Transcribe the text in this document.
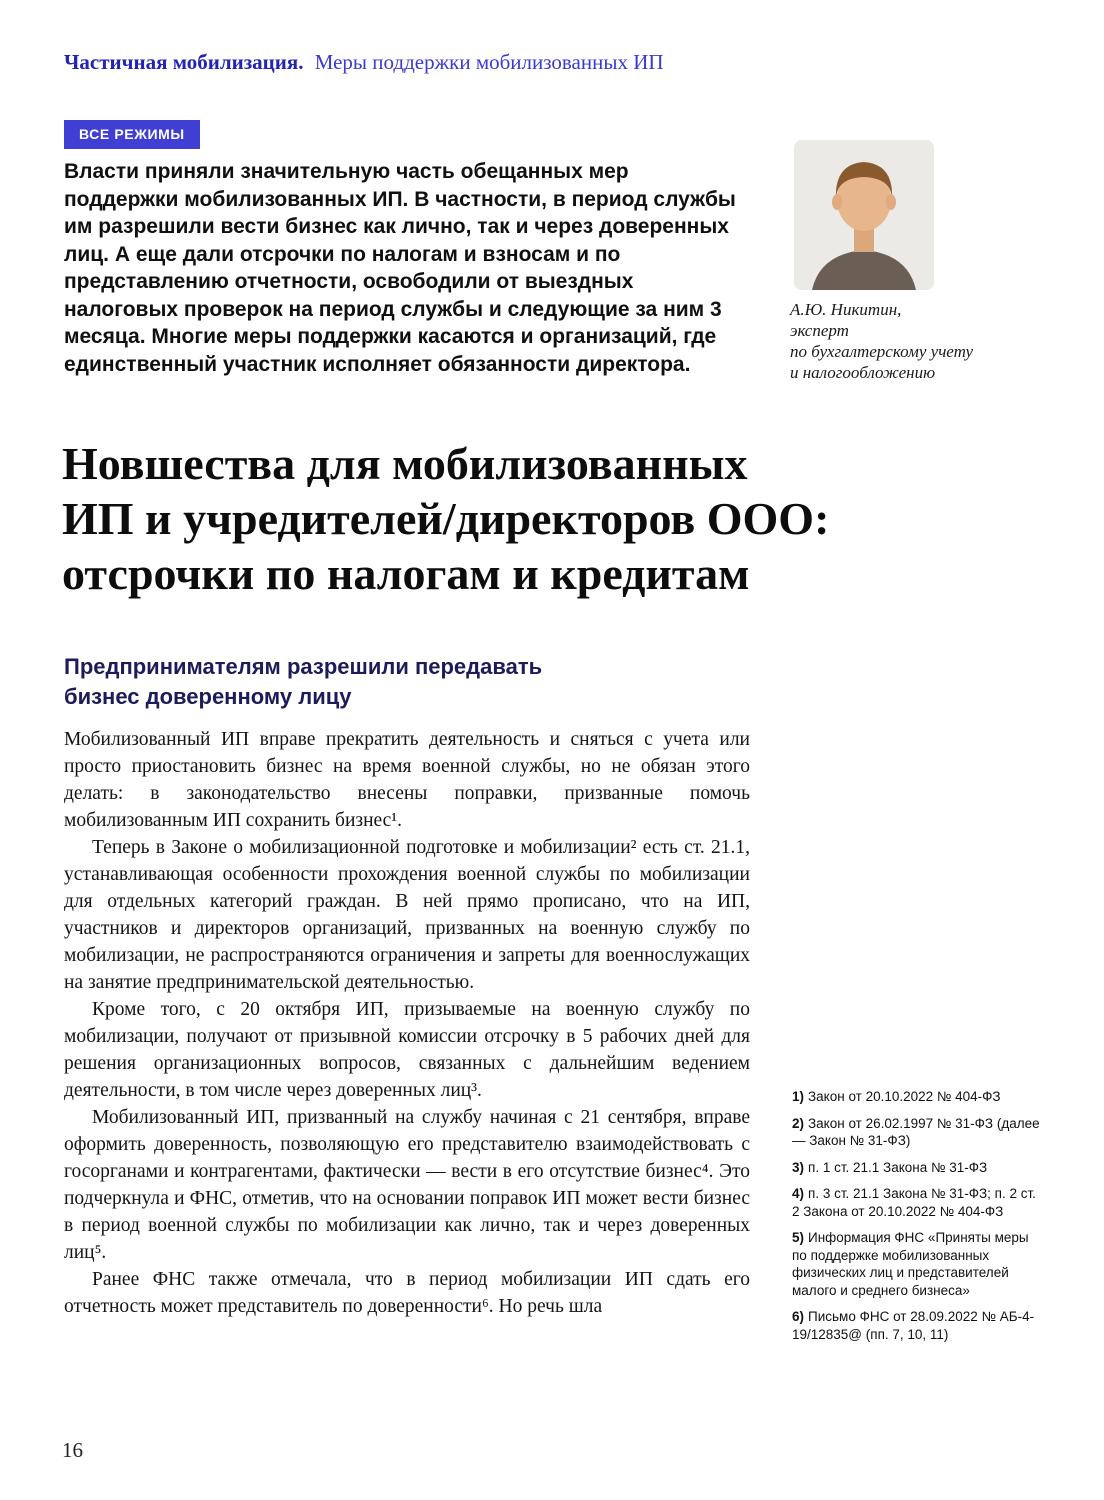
Частичная мобилизация. Меры поддержки мобилизованных ИП
ВСЕ РЕЖИМЫ
Власти приняли значительную часть обещанных мер поддержки мобилизованных ИП. В частности, в период службы им разрешили вести бизнес как лично, так и через доверенных лиц. А еще дали отсрочки по налогам и взносам и по представлению отчетности, освободили от выездных налоговых проверок на период службы и следующие за ним 3 месяца. Многие меры поддержки касаются и организаций, где единственный участник исполняет обязанности директора.
А.Ю. Никитин,
эксперт
по бухгалтерскому учету
и налогообложению
Новшества для мобилизованных
ИП и учредителей/директоров ООО:
отсрочки по налогам и кредитам
Предпринимателям разрешили передавать
бизнес доверенному лицу

Мобилизованный ИП вправе прекратить деятельность и сняться с учета или просто приостановить бизнес на время военной службы, но не обязан этого делать: в законодательство внесены поправки, призванные помочь мобилизованным ИП сохранить бизнес¹.

Теперь в Законе о мобилизационной подготовке и мобилизации² есть ст. 21.1, устанавливающая особенности прохождения военной службы по мобилизации для отдельных категорий граждан. В ней прямо прописано, что на ИП, участников и директоров организаций, призванных на военную службу по мобилизации, не распространяются ограничения и запреты для военнослужащих на занятие предпринимательской деятельностью.

Кроме того, с 20 октября ИП, призываемые на военную службу по мобилизации, получают от призывной комиссии отсрочку в 5 рабочих дней для решения организационных вопросов, связанных с дальнейшим ведением деятельности, в том числе через доверенных лиц³.

Мобилизованный ИП, призванный на службу начиная с 21 сентября, вправе оформить доверенность, позволяющую его представителю взаимодействовать с госорганами и контрагентами, фактически — вести в его отсутствие бизнес⁴. Это подчеркнула и ФНС, отметив, что на основании поправок ИП может вести бизнес в период военной службы по мобилизации как лично, так и через доверенных лиц⁵.

Ранее ФНС также отмечала, что в период мобилизации ИП сдать его отчетность может представитель по доверенности⁶. Но речь шла

1) Закон от 20.10.2022 № 404-ФЗ
2) Закон от 26.02.1997 № 31-ФЗ (далее — Закон № 31-ФЗ)
3) п. 1 ст. 21.1 Закона № 31-ФЗ
4) п. 3 ст. 21.1 Закона № 31-ФЗ; п. 2 ст. 2 Закона от 20.10.2022 № 404-ФЗ
5) Информация ФНС «Приняты меры по поддержке мобилизованных физических лиц и представителей малого и среднего бизнеса»
6) Письмо ФНС от 28.09.2022 № АБ-4-19/12835@ (пп. 7, 10, 11)
16
